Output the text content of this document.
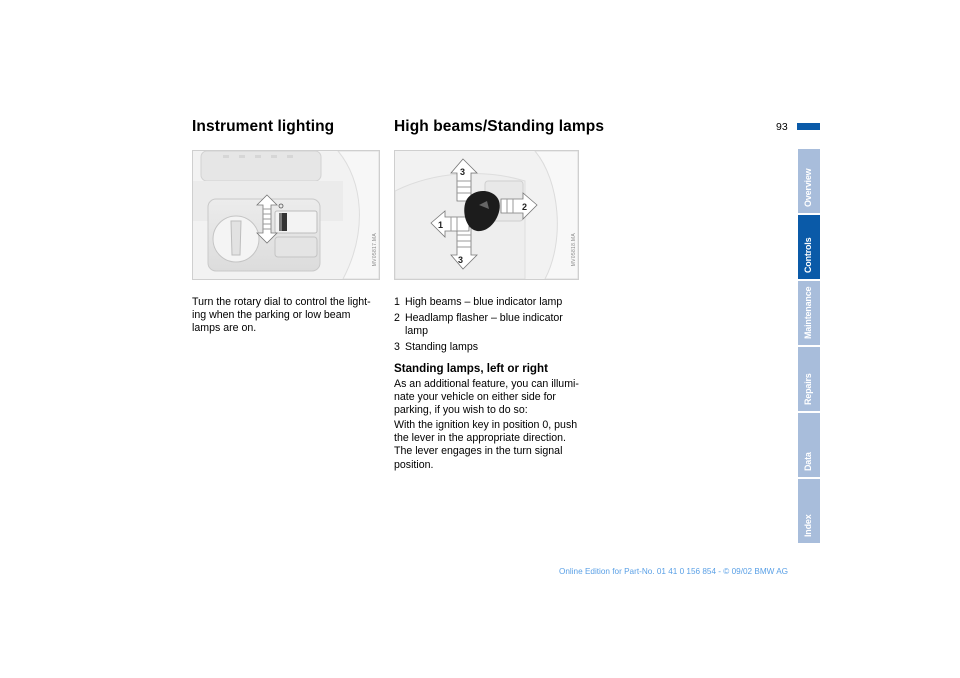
Instrument lighting
MV05817.MA

Turn the rotary dial to control the light-
ing when the parking or low beam
lamps are on.

High beams/Standing lamps
3
2
1
3	MV05818.MA
1 High beams – blue indicator lamp
2 Headlamp flasher – blue indicator lamp
3 Standing lamps
Standing lamps, left or right

As an additional feature, you can illumi-
nate your vehicle on either side for
parking, if you wish to do so:

With the ignition key in position 0, push
the lever in the appropriate direction.
The lever engages in the turn signal
position.

93
Overview
Controls
Maintenance
Repairs
Data
Index
Online Edition for Part-No. 01 41 0 156 854 - © 09/02 BMW AG
